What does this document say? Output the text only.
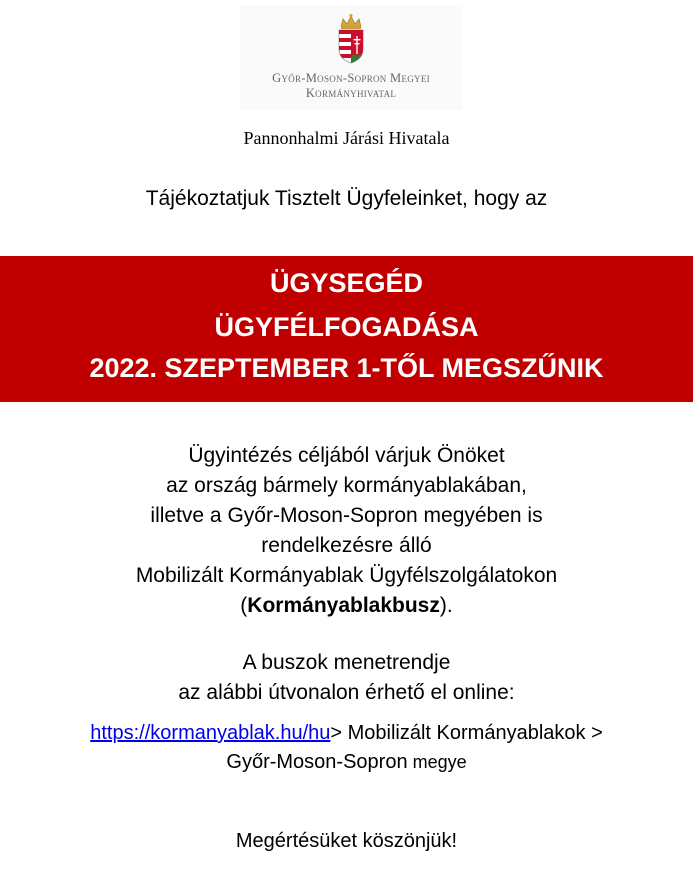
Győr-Moson-Sopron Megyei
Kormányhivatal
Pannonhalmi Járási Hivatala
Tájékoztatjuk Tisztelt Ügyfeleinket, hogy az
ÜGYSEGÉD
ÜGYFÉLFOGADÁSA
2022. SZEPTEMBER 1-TŐL MEGSZŰNIK
Ügyintézés céljából várjuk Önöket
az ország bármely kormányablakában,
illetve a Győr-Moson-Sopron megyében is
rendelkezésre álló
Mobilizált Kormányablak Ügyfélszolgálatokon
(Kormányablakbusz).
A buszok menetrendje
az alábbi útvonalon érhető el online:
https://kormanyablak.hu/hu> Mobilizált Kormányablakok >
Győr-Moson-Sopron megye
Megértésüket köszönjük!
